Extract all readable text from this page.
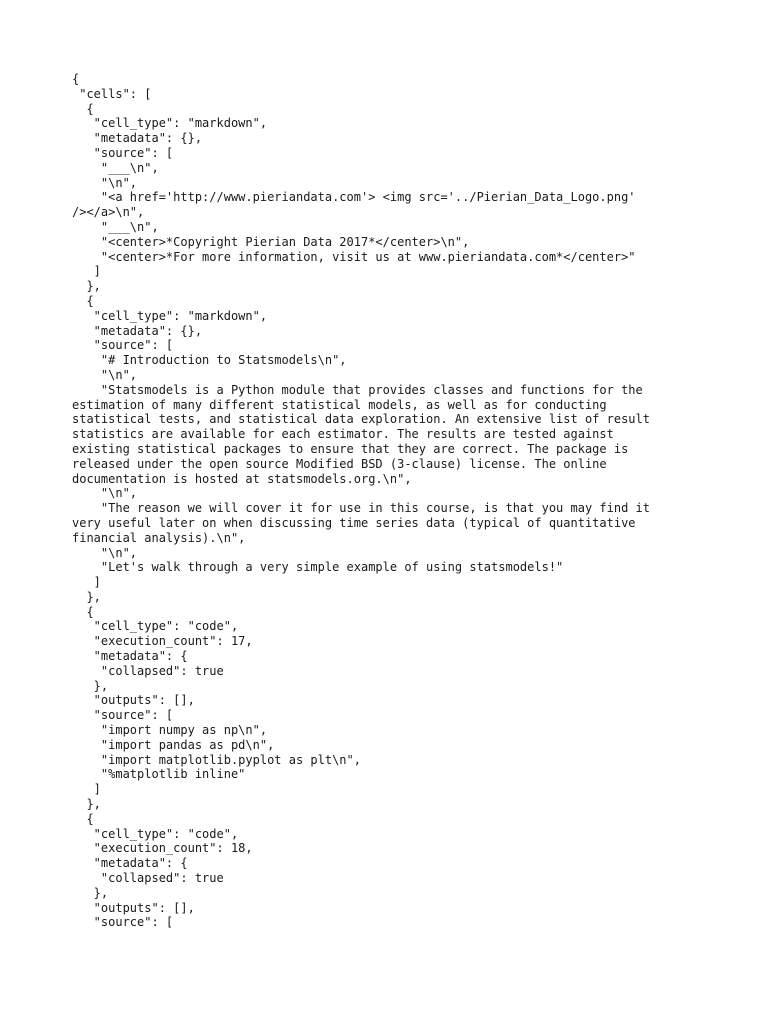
{
"cells": [
{
"cell_type": "markdown",
"metadata": {},
"source": [
"___\n",
"\n",
"<a href='http://www.pieriandata.com'> <img src='../Pierian_Data_Logo.png'
/></a>\n",
"___\n",
"<center>*Copyright Pierian Data 2017*</center>\n",
"<center>*For more information, visit us at www.pieriandata.com*</center>"
]
},
{
"cell_type": "markdown",
"metadata": {},
"source": [
"# Introduction to Statsmodels\n",
"\n",
"Statsmodels is a Python module that provides classes and functions for the
estimation of many different statistical models, as well as for conducting
statistical tests, and statistical data exploration. An extensive list of result
statistics are available for each estimator. The results are tested against
existing statistical packages to ensure that they are correct. The package is
released under the open source Modified BSD (3-clause) license. The online
documentation is hosted at statsmodels.org.\n",
"\n",
"The reason we will cover it for use in this course, is that you may find it
very useful later on when discussing time series data (typical of quantitative
financial analysis).\n",
"\n",
"Let's walk through a very simple example of using statsmodels!"
]
},
{
"cell_type": "code",
"execution_count": 17,
"metadata": {
"collapsed": true
},
"outputs": [],
"source": [
"import numpy as np\n",
"import pandas as pd\n",
"import matplotlib.pyplot as plt\n",
"%matplotlib inline"
]
},
{
"cell_type": "code",
"execution_count": 18,
"metadata": {
"collapsed": true
},
"outputs": [],
"source": [
